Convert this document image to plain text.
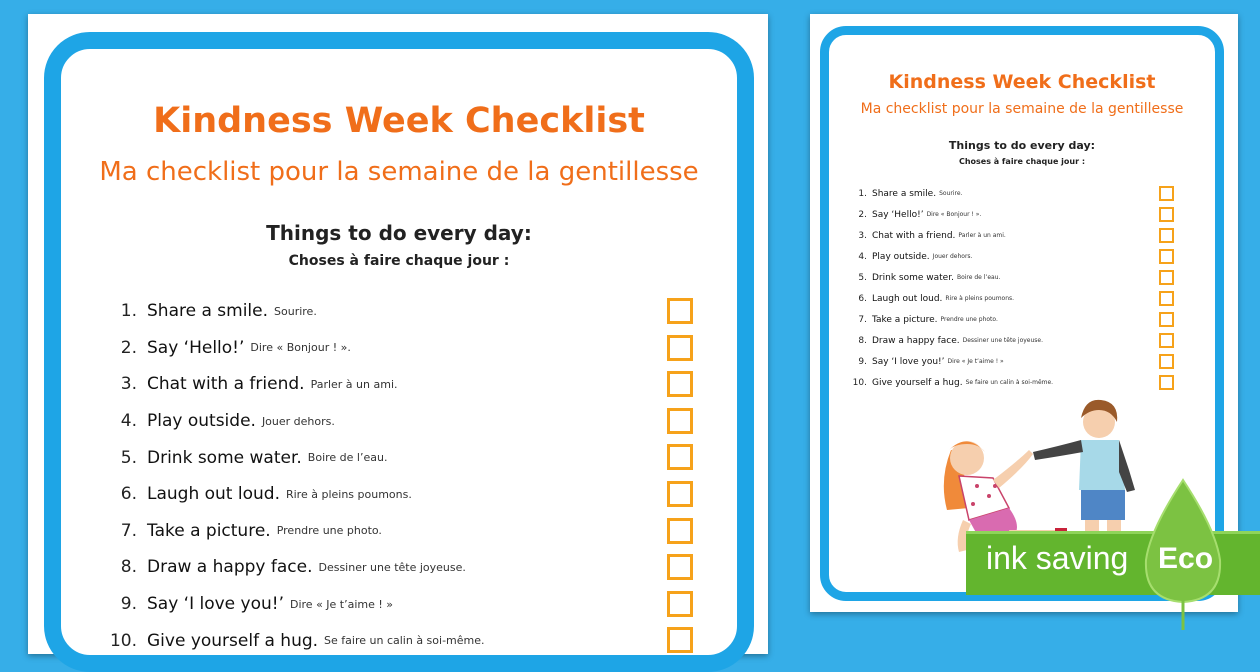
Kindness Week Checklist
Ma checklist pour la semaine de la gentillesse
Things to do every day:
Choses à faire chaque jour :
1. Share a smile. Sourire.
2. Say ‘Hello!’ Dire « Bonjour ! ».
3. Chat with a friend. Parler à un ami.
4. Play outside. Jouer dehors.
5. Drink some water. Boire de l’eau.
6. Laugh out loud. Rire à pleins poumons.
7. Take a picture. Prendre une photo.
8. Draw a happy face. Dessiner une tête joyeuse.
9. Say ‘I love you!’ Dire « Je t’aime ! »
10. Give yourself a hug. Se faire un calin à soi-même.
Kindness Week Checklist
Ma checklist pour la semaine de la gentillesse
Things to do every day:
Choses à faire chaque jour :
1. Share a smile. Sourire.
2. Say ‘Hello!’ Dire « Bonjour ! ».
3. Chat with a friend. Parler à un ami.
4. Play outside. Jouer dehors.
5. Drink some water. Boire de l’eau.
6. Laugh out loud. Rire à pleins poumons.
7. Take a picture. Prendre une photo.
8. Draw a happy face. Dessiner une tête joyeuse.
9. Say ‘I love you!’ Dire « Je t’aime ! »
10. Give yourself a hug. Se faire un calin à soi-même.
ink saving Eco
